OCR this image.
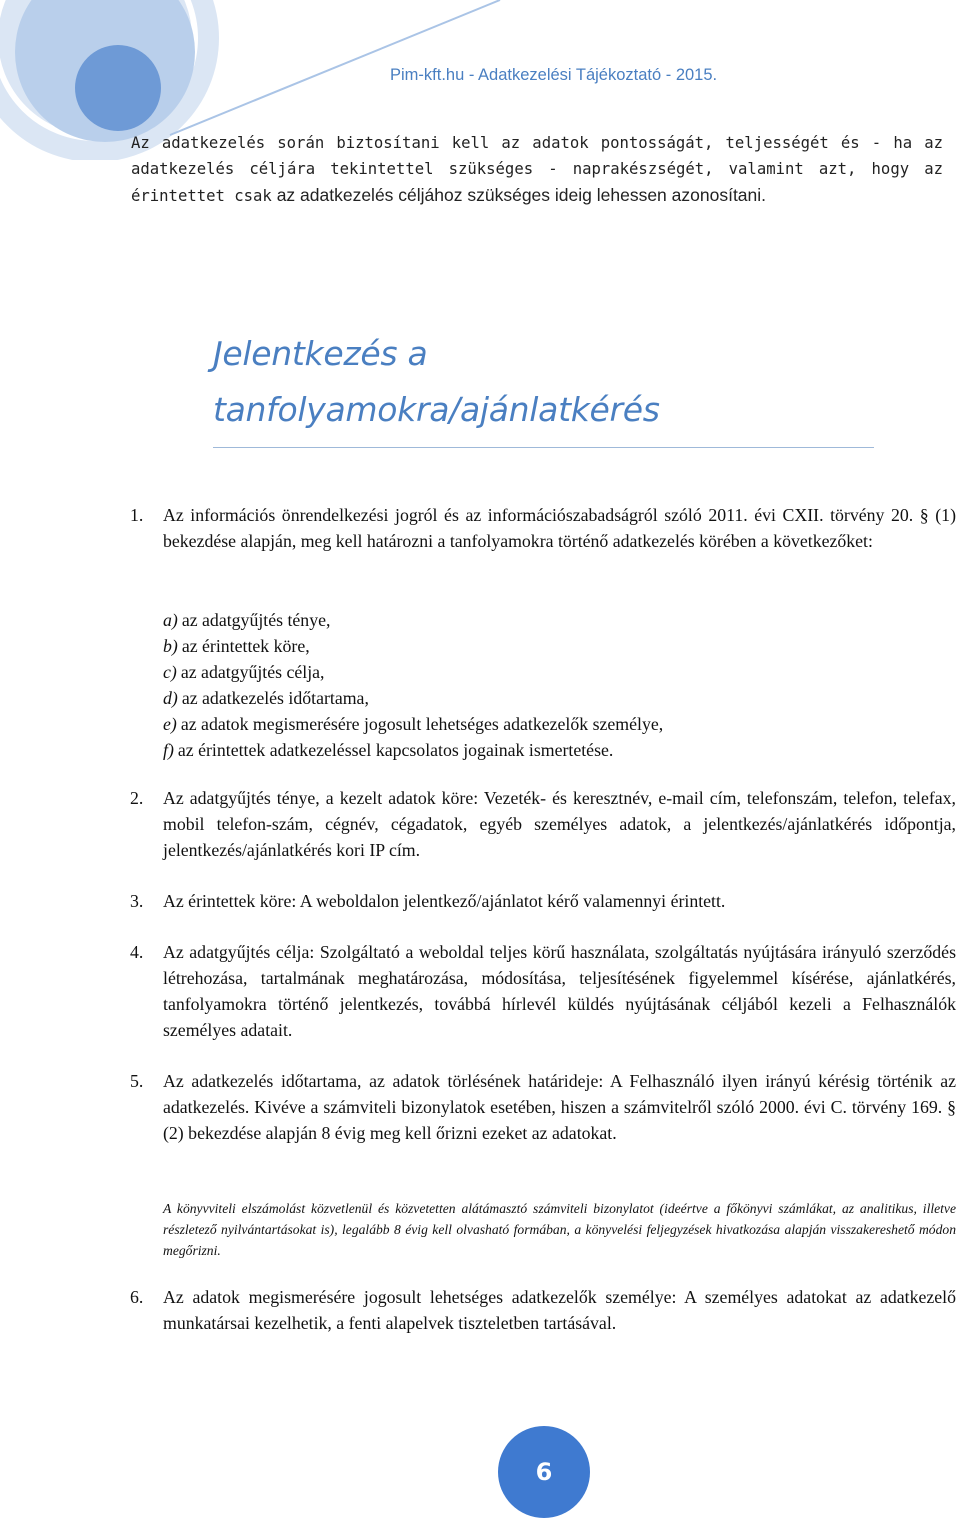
Pim-kft.hu - Adatkezelési Tájékoztató - 2015.

Az adatkezelés során biztosítani kell az adatok pontosságát, teljességét és - ha az adatkezelés céljára tekintettel szükséges - naprakészségét, valamint azt, hogy az érintettet csak az adatkezelés céljához szükséges ideig lehessen azonosítani.

Jelentkezés a tanfolyamokra/ajánlatkérés
1. Az információs önrendelkezési jogról és az információszabadságról szóló 2011. évi CXII. törvény 20. § (1) bekezdése alapján, meg kell határozni a tanfolyamokra történő adatkezelés körében a következőket:
2. Az adatgyűjtés ténye, a kezelt adatok köre: Vezeték- és keresztnév, e-mail cím, telefonszám, telefon, telefax, mobil telefon-szám, cégnév, cégadatok, egyéb személyes adatok, a jelentkezés/ajánlatkérés időpontja, jelentkezés/ajánlatkérés kori IP cím.
3. Az érintettek köre: A weboldalon jelentkező/ajánlatot kérő valamennyi érintett.
4. Az adatgyűjtés célja: Szolgáltató a weboldal teljes körű használata, szolgáltatás nyújtására irányuló szerződés létrehozása, tartalmának meghatározása, módosítása, teljesítésének figyelemmel kísérése, ajánlatkérés, tanfolyamokra történő jelentkezés, továbbá hírlevél küldés nyújtásának céljából kezeli a Felhasználók személyes adatait.
5. Az adatkezelés időtartama, az adatok törlésének határideje: A Felhasználó ilyen irányú kérésig történik az adatkezelés. Kivéve a számviteli bizonylatok esetében, hiszen a számvitelről szóló 2000. évi C. törvény 169. § (2) bekezdése alapján 8 évig meg kell őrizni ezeket az adatokat.
6. Az adatok megismerésére jogosult lehetséges adatkezelők személye: A személyes adatokat az adatkezelő munkatársai kezelhetik, a fenti alapelvek tiszteletben tartásával.
a) az adatgyűjtés ténye,
b) az érintettek köre,
c) az adatgyűjtés célja,
d) az adatkezelés időtartama,
e) az adatok megismerésére jogosult lehetséges adatkezelők személye,
f) az érintettek adatkezeléssel kapcsolatos jogainak ismertetése.
A könyvviteli elszámolást közvetlenül és közvetetten alátámasztó számviteli bizonylatot (ideértve a főkönyvi számlákat, az analitikus, illetve részletező nyilvántartásokat is), legalább 8 évig kell olvasható formában, a könyvelési feljegyzések hivatkozása alapján visszakereshető módon megőrizni.
6
